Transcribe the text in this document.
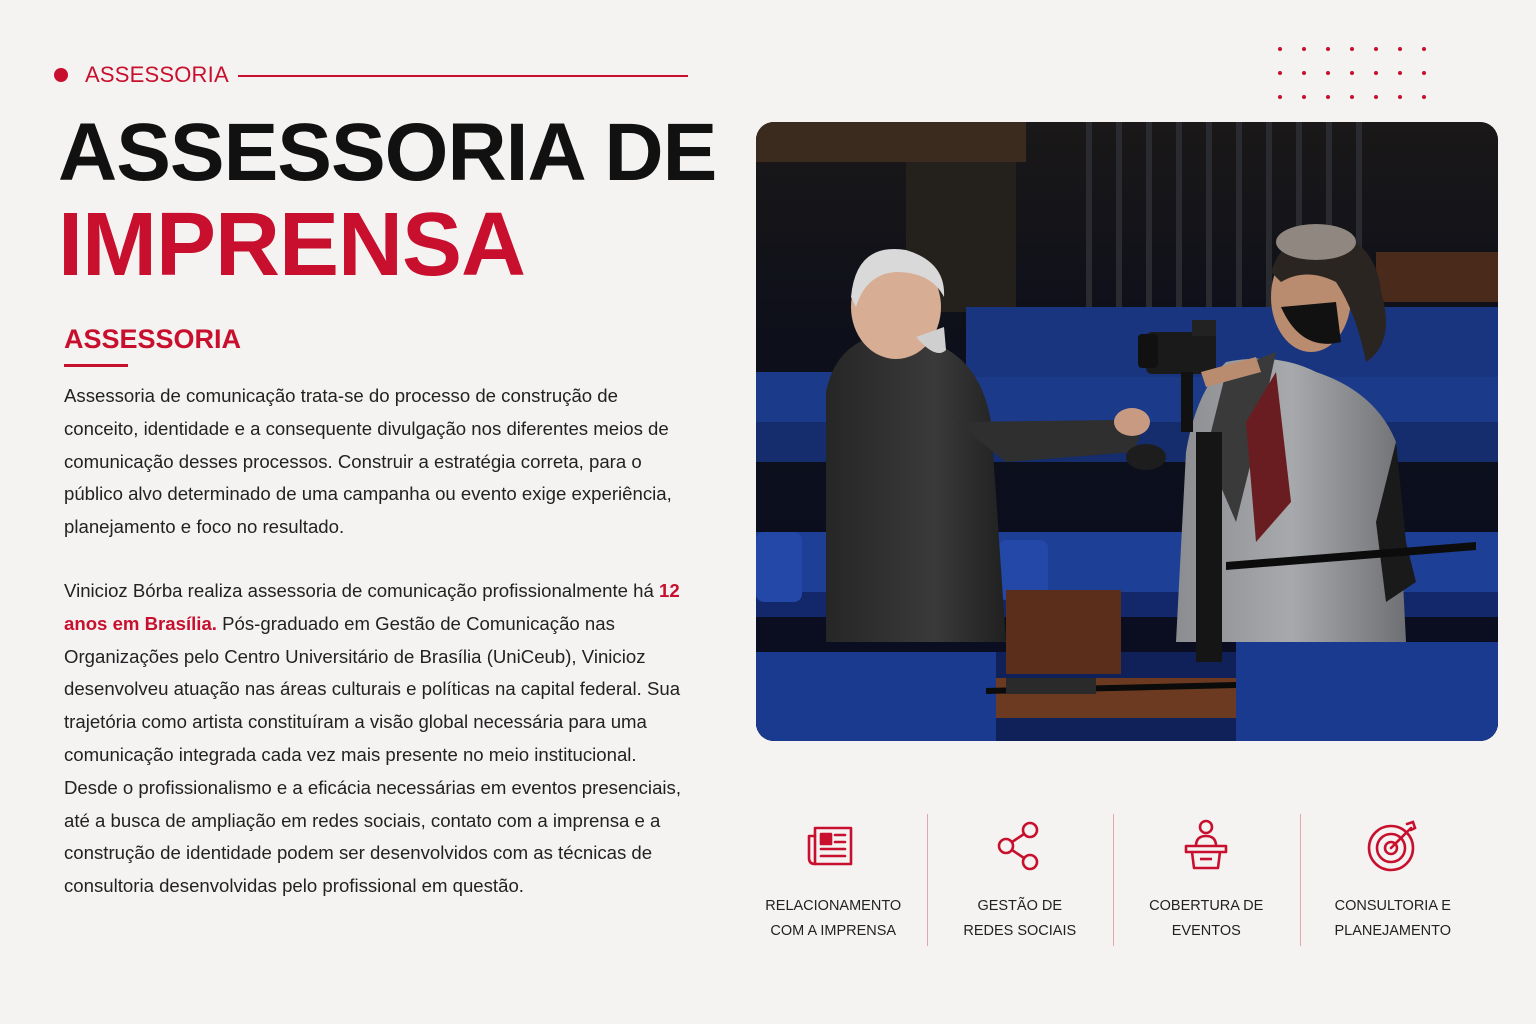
ASSESSORIA
ASSESSORIA DE
IMPRENSA
ASSESSORIA

Assessoria de comunicação trata-se do processo de construção de conceito, identidade e a consequente divulgação nos diferentes meios de comunicação desses processos. Construir a estratégia correta, para o público alvo determinado de uma campanha ou evento exige experiência, planejamento e foco no resultado.

Vinicioz Bórba realiza assessoria de comunicação profissionalmente há 12 anos em Brasília. Pós-graduado em Gestão de Comunicação nas Organizações pelo Centro Universitário de Brasília (UniCeub), Vinicioz desenvolveu atuação nas áreas culturais e políticas na capital federal. Sua trajetória como artista constituíram a visão global necessária para uma comunicação integrada cada vez mais presente no meio institucional. Desde o profissionalismo e a eficácia necessárias em eventos presenciais, até a busca de ampliação em redes sociais, contato com a imprensa e a construção de identidade podem ser desenvolvidos com as técnicas de consultoria desenvolvidas pelo profissional em questão.

RELACIONAMENTO
COM A IMPRENSA
GESTÃO DE
REDES SOCIAIS
COBERTURA DE
EVENTOS
CONSULTORIA E
PLANEJAMENTO
